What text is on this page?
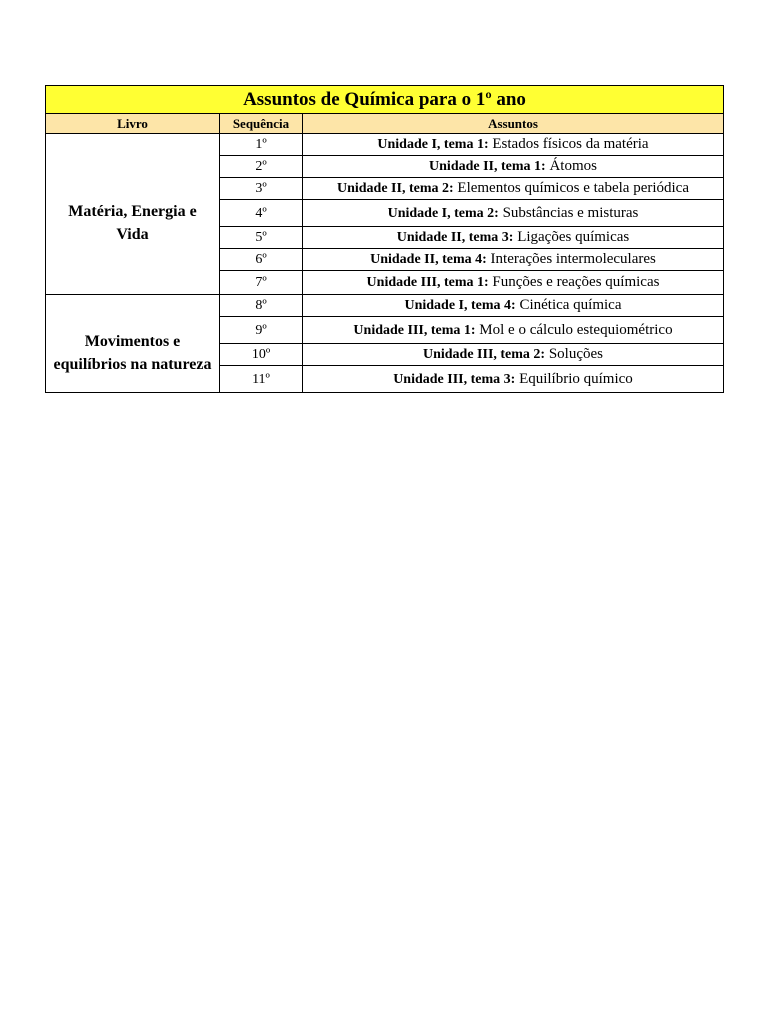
Assuntos de Química para o 1º ano		
Livro	Sequência	Assuntos

Matéria, Energia e Vida	1º	Unidade I, tema 1: Estados físicos da matéria
	2º	Unidade II, tema 1: Átomos
	3º	Unidade II, tema 2: Elementos químicos e tabela periódica
	4º	Unidade I, tema 2: Substâncias e misturas
	5º	Unidade II, tema 3: Ligações químicas
	6º	Unidade II, tema 4: Interações intermoleculares
	7º	Unidade III, tema 1: Funções e reações químicas

Movimentos e equilíbrios na natureza	8º	Unidade I, tema 4: Cinética química
	9º	Unidade III, tema 1: Mol e o cálculo estequiométrico
	10º	Unidade III, tema 2: Soluções
	11º	Unidade III, tema 3: Equilíbrio químico
